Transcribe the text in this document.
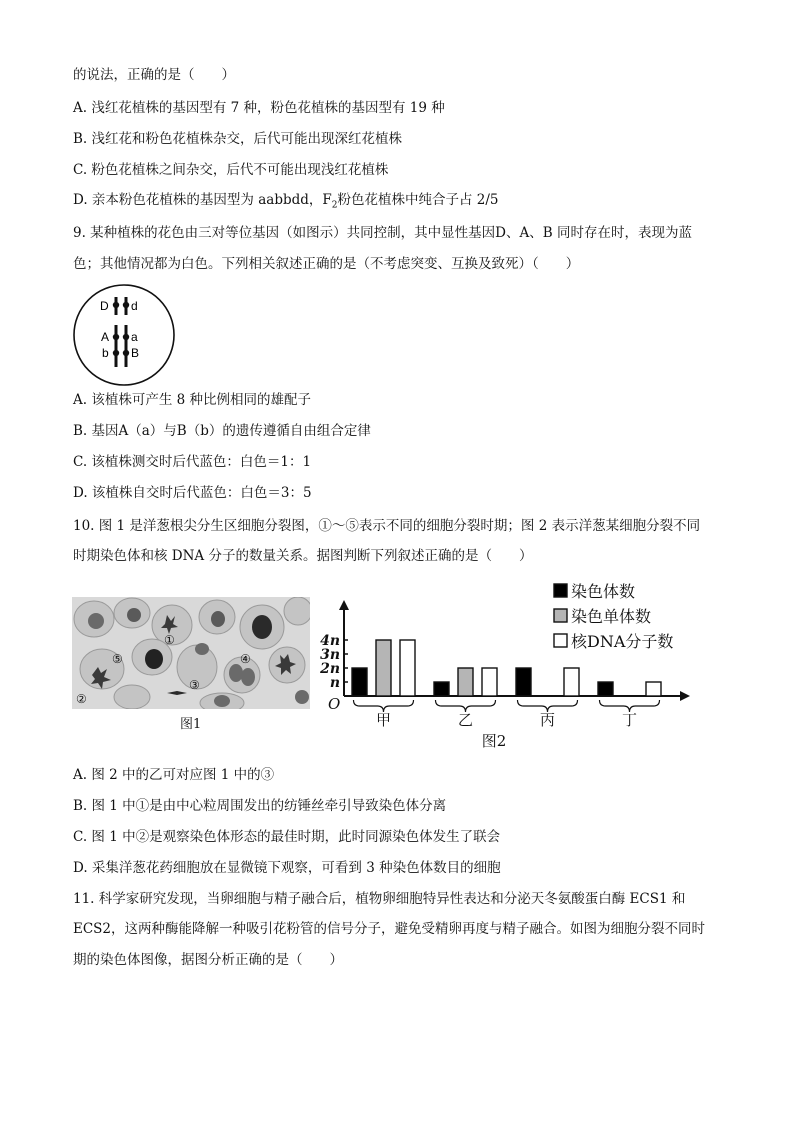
的说法，正确的是（　　）
A. 浅红花植株的基因型有 7 种，粉色花植株的基因型有 19 种
B. 浅红花和粉色花植株杂交，后代可能出现深红花植株
C. 粉色花植株之间杂交，后代不可能出现浅红花植株
D. 亲本粉色花植株的基因型为 aabbdd，$F_2$粉色花植株中纯合子占 2/5
9. 某种植株的花色由三对等位基因（如图示）共同控制，其中显性基因D、A、B 同时存在时，表现为蓝
色；其他情况都为白色。下列相关叙述正确的是（不考虑突变、互换及致死）（　　）
D d
A a
b B
A. 该植株可产生 8 种比例相同的雄配子
B. 基因A（a）与B（b）的遗传遵循自由组合定律
C. 该植株测交时后代蓝色：白色＝1：1
D. 该植株自交时后代蓝色：白色＝3：5
10. 图 1 是洋葱根尖分生区细胞分裂图，①～⑤表示不同的细胞分裂时期；图 2 表示洋葱某细胞分裂不同
时期染色体和核 DNA 分子的数量关系。据图判断下列叙述正确的是（　　）
①
②
③
④
⑤
图1
O
n
2n
3n
4n
甲	乙	丙	丁
图2
染色体数
染色单体数
核DNA分子数
A. 图 2 中的乙可对应图 1 中的③
B. 图 1 中①是由中心粒周围发出的纺锤丝牵引导致染色体分离
C. 图 1 中②是观察染色体形态的最佳时期，此时同源染色体发生了联会
D. 采集洋葱花药细胞放在显微镜下观察，可看到 3 种染色体数目的细胞
11. 科学家研究发现，当卵细胞与精子融合后，植物卵细胞特异性表达和分泌天冬氨酸蛋白酶 ECS1 和
ECS2，这两种酶能降解一种吸引花粉管的信号分子，避免受精卵再度与精子融合。如图为细胞分裂不同时
期的染色体图像，据图分析正确的是（　　）
